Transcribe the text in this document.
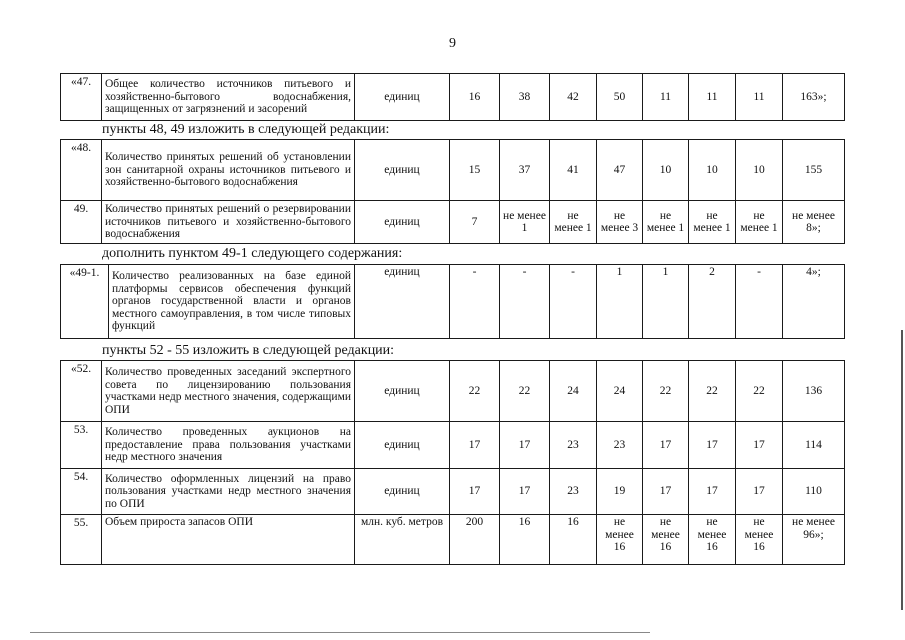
9
«47.	Общее количество источников питьевого и хозяйственно-бытового водоснабжения, защищенных от загрязнений и засорений	единиц	16	38	42	50	11	11	11	163»;
пункты 48, 49 изложить в следующей редакции:
«48.	Количество принятых решений об установлении зон санитарной охраны источников питьевого и хозяйственно-бытового водоснабжения	единиц	15	37	41	47	10	10	10	155
49.	Количество принятых решений о резервировании источников питьевого и хозяйственно-бытового водоснабжения	единиц	7	не менее 1	не менее 1	не менее 3	не менее 1	не менее 1	не менее 1	не менее 8»;
дополнить пунктом 49-1 следующего содержания:
«49-1.	Количество реализованных на базе единой платформы сервисов обеспечения функций органов государственной власти и органов местного самоуправления, в том числе типовых функций	единиц	-	-	-	1	1	2	-	4»;
пункты 52 - 55 изложить в следующей редакции:
«52.	Количество проведенных заседаний экспертного совета по лицензированию пользования участками недр местного значения, содержащими ОПИ	единиц	22	22	24	24	22	22	22	136
53.	Количество проведенных аукционов на предоставление права пользования участками недр местного значения	единиц	17	17	23	23	17	17	17	114
54.	Количество оформленных лицензий на право пользования участками недр местного значения по ОПИ	единиц	17	17	23	19	17	17	17	110
55.	Объем прироста запасов ОПИ	млн. куб. метров	200	16	16	не менее 16	не менее 16	не менее 16	не менее 16	не менее 96»;
